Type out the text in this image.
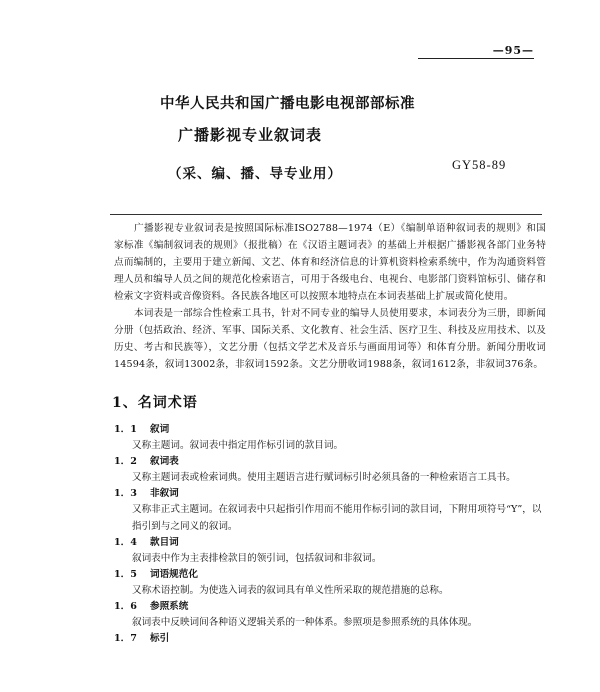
—95—
中华人民共和国广播电影电视部部标准
广播影视专业叙词表
（采、编、播、导专业用）
GY58-89

广播影视专业叙词表是按照国际标准ISO2788—1974（E）《编制单语种叙词表的规则》和国家标准《编制叙词表的规则》（报批稿）在《汉语主题词表》的基础上并根据广播影视各部门业务特点而编制的，主要用于建立新闻、文艺、体育和经济信息的计算机资料检索系统中，作为沟通资料管理人员和编导人员之间的规范化检索语言，可用于各级电台、电视台、电影部门资料馆标引、储存和检索文字资料或音像资料。各民族各地区可以按照本地特点在本词表基础上扩展或简化使用。

本词表是一部综合性检索工具书，针对不同专业的编导人员使用要求，本词表分为三册，即新闻分册（包括政治、经济、军事、国际关系、文化教育、社会生活、医疗卫生、科技及应用技术、以及历史、考古和民族等），文艺分册（包括文学艺术及音乐与画面用词等）和体育分册。新闻分册收词14594条，叙词13002条，非叙词1592条。文艺分册收词1988条，叙词1612条，非叙词376条。

1、名词术语
1．1 叙词
又称主题词。叙词表中指定用作标引词的款目词。
1．2 叙词表
又称主题词表或检索词典。使用主题语言进行赋词标引时必须具备的一种检索语言工具书。
1．3 非叙词
又称非正式主题词。在叙词表中只起指引作用而不能用作标引词的款目词，下附用项符号“Y”，以指引到与之同义的叙词。
1．4 款目词
叙词表中作为主表排检款目的领引词，包括叙词和非叙词。
1．5 词语规范化
又称术语控制。为使选入词表的叙词具有单义性所采取的规范措施的总称。
1．6 参照系统
叙词表中反映词间各种语义逻辑关系的一种体系。参照项是参照系统的具体体现。
1．7 标引
